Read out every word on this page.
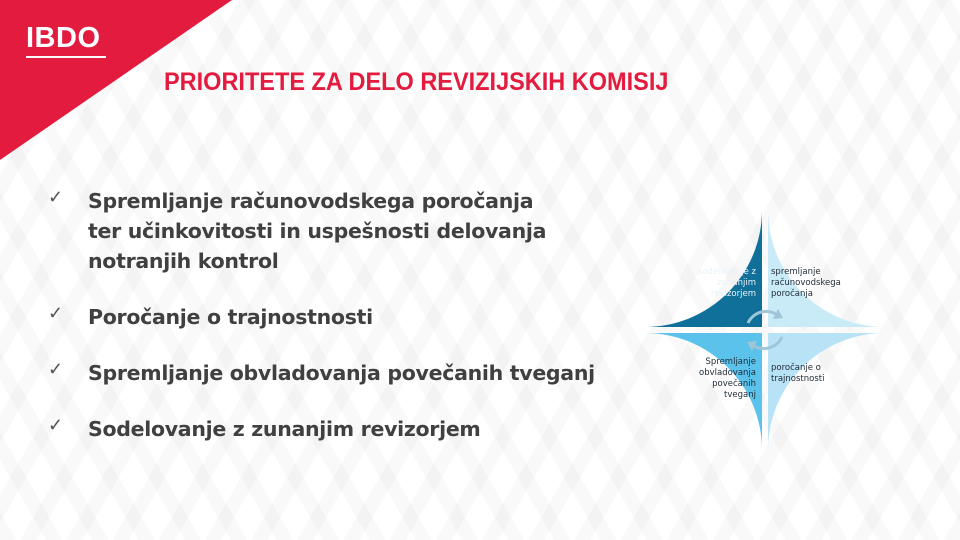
IBDO
PRIORITETE ZA DELO REVIZIJSKIH KOMISIJ
✓ Spremljanje računovodskega poročanja
ter učinkovitosti in uspešnosti delovanja
notranjih kontrol
✓ Poročanje o trajnostnosti
✓ Spremljanje obvladovanja povečanih tveganj
✓ Sodelovanje z zunanjim revizorjem
sodelovanje z
zunanjim
revizorjem
spremljanje
računovodskega
poročanja
Spremljanje
obvladovanja
povečanih
tveganj
poročanje o
trajnostnosti
